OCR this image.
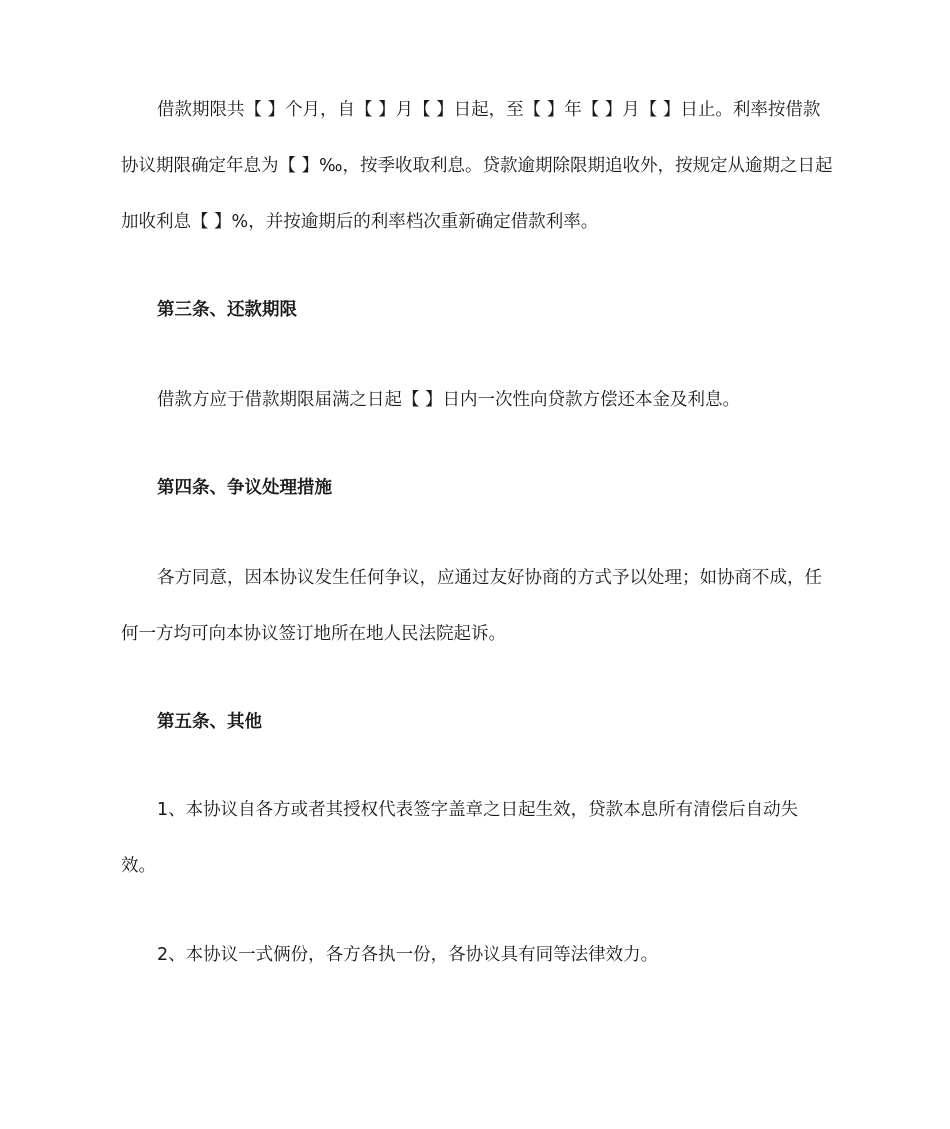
借款期限共【 】个月，自【 】月【 】日起，至【 】年【 】月【 】日止。利率按借款协议期限确定年息为【 】‰，按季收取利息。贷款逾期除限期追收外，按规定从逾期之日起加收利息【 】%，并按逾期后的利率档次重新确定借款利率。

第三条、还款期限

借款方应于借款期限届满之日起【 】日内一次性向贷款方偿还本金及利息。

第四条、争议处理措施

各方同意，因本协议发生任何争议，应通过友好协商的方式予以处理；如协商不成，任何一方均可向本协议签订地所在地人民法院起诉。

第五条、其他

1、本协议自各方或者其授权代表签字盖章之日起生效，贷款本息所有清偿后自动失效。

2、本协议一式俩份，各方各执一份，各协议具有同等法律效力。
